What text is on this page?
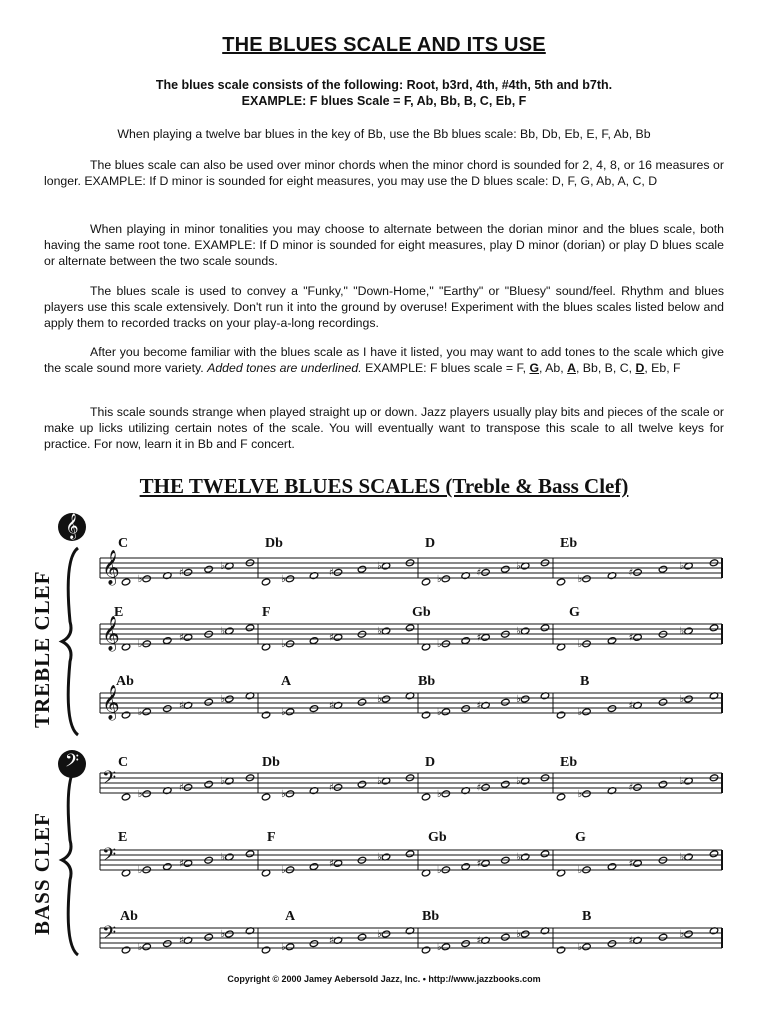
THE BLUES SCALE AND ITS USE
The blues scale consists of the following: Root, b3rd, 4th, #4th, 5th and b7th.
EXAMPLE: F blues Scale = F, Ab, Bb, B, C, Eb, F

When playing a twelve bar blues in the key of Bb, use the Bb blues scale: Bb, Db, Eb, E, F, Ab, Bb

The blues scale can also be used over minor chords when the minor chord is sounded for 2, 4, 8, or 16 measures or longer. EXAMPLE: If D minor is sounded for eight measures, you may use the D blues scale: D, F, G, Ab, A, C, D

When playing in minor tonalities you may choose to alternate between the dorian minor and the blues scale, both having the same root tone. EXAMPLE: If D minor is sounded for eight measures, play D minor (dorian) or play D blues scale or alternate between the two scale sounds.

The blues scale is used to convey a "Funky," "Down-Home," "Earthy" or "Bluesy" sound/feel. Rhythm and blues players use this scale extensively. Don't run it into the ground by overuse! Experiment with the blues scales listed below and apply them to recorded tracks on your play-a-long recordings.

After you become familiar with the blues scale as I have it listed, you may want to add tones to the scale which give the scale sound more variety. Added tones are underlined. EXAMPLE: F blues scale = F, G, Ab, A, Bb, B, C, D, Eb, F

This scale sounds strange when played straight up or down. Jazz players usually play bits and pieces of the scale or make up licks utilizing certain notes of the scale. You will eventually want to transpose this scale to all twelve keys for practice. For now, learn it in Bb and F concert.

THE TWELVE BLUES SCALES (Treble & Bass Clef)
𝄞
𝄢
TREBLE CLEF
BASS CLEF
C	Db	D	Eb
E	F	Gb	G
Ab	A	Bb	B
C	Db	D	Eb
E	F	Gb	G
Ab	A	Bb	B
𝄞 ♭
♯
♭
♭
♯
♭
♭
♯
♭
♭
♯
♭
𝄞 ♭
♯
♭
♭
♯
♭
♭
♯
♭
♭
♯
♭
𝄞 ♭
♯
♭
♭
♯
♭
♭
♯
♭
♭
♯
♭
𝄢
♭
♯
♭
♭
♯
♭
♭
♯
♭
♭
♯
♭
𝄢
♭
♯
♭
♭
♯
♭
♭
♯
♭
♭
♯
♭
𝄢 ♭
♯
♭
♭
♯
♭
♭
♯
♭
♭
♯
♭
Copyright © 2000 Jamey Aebersold Jazz, Inc. • http://www.jazzbooks.com
